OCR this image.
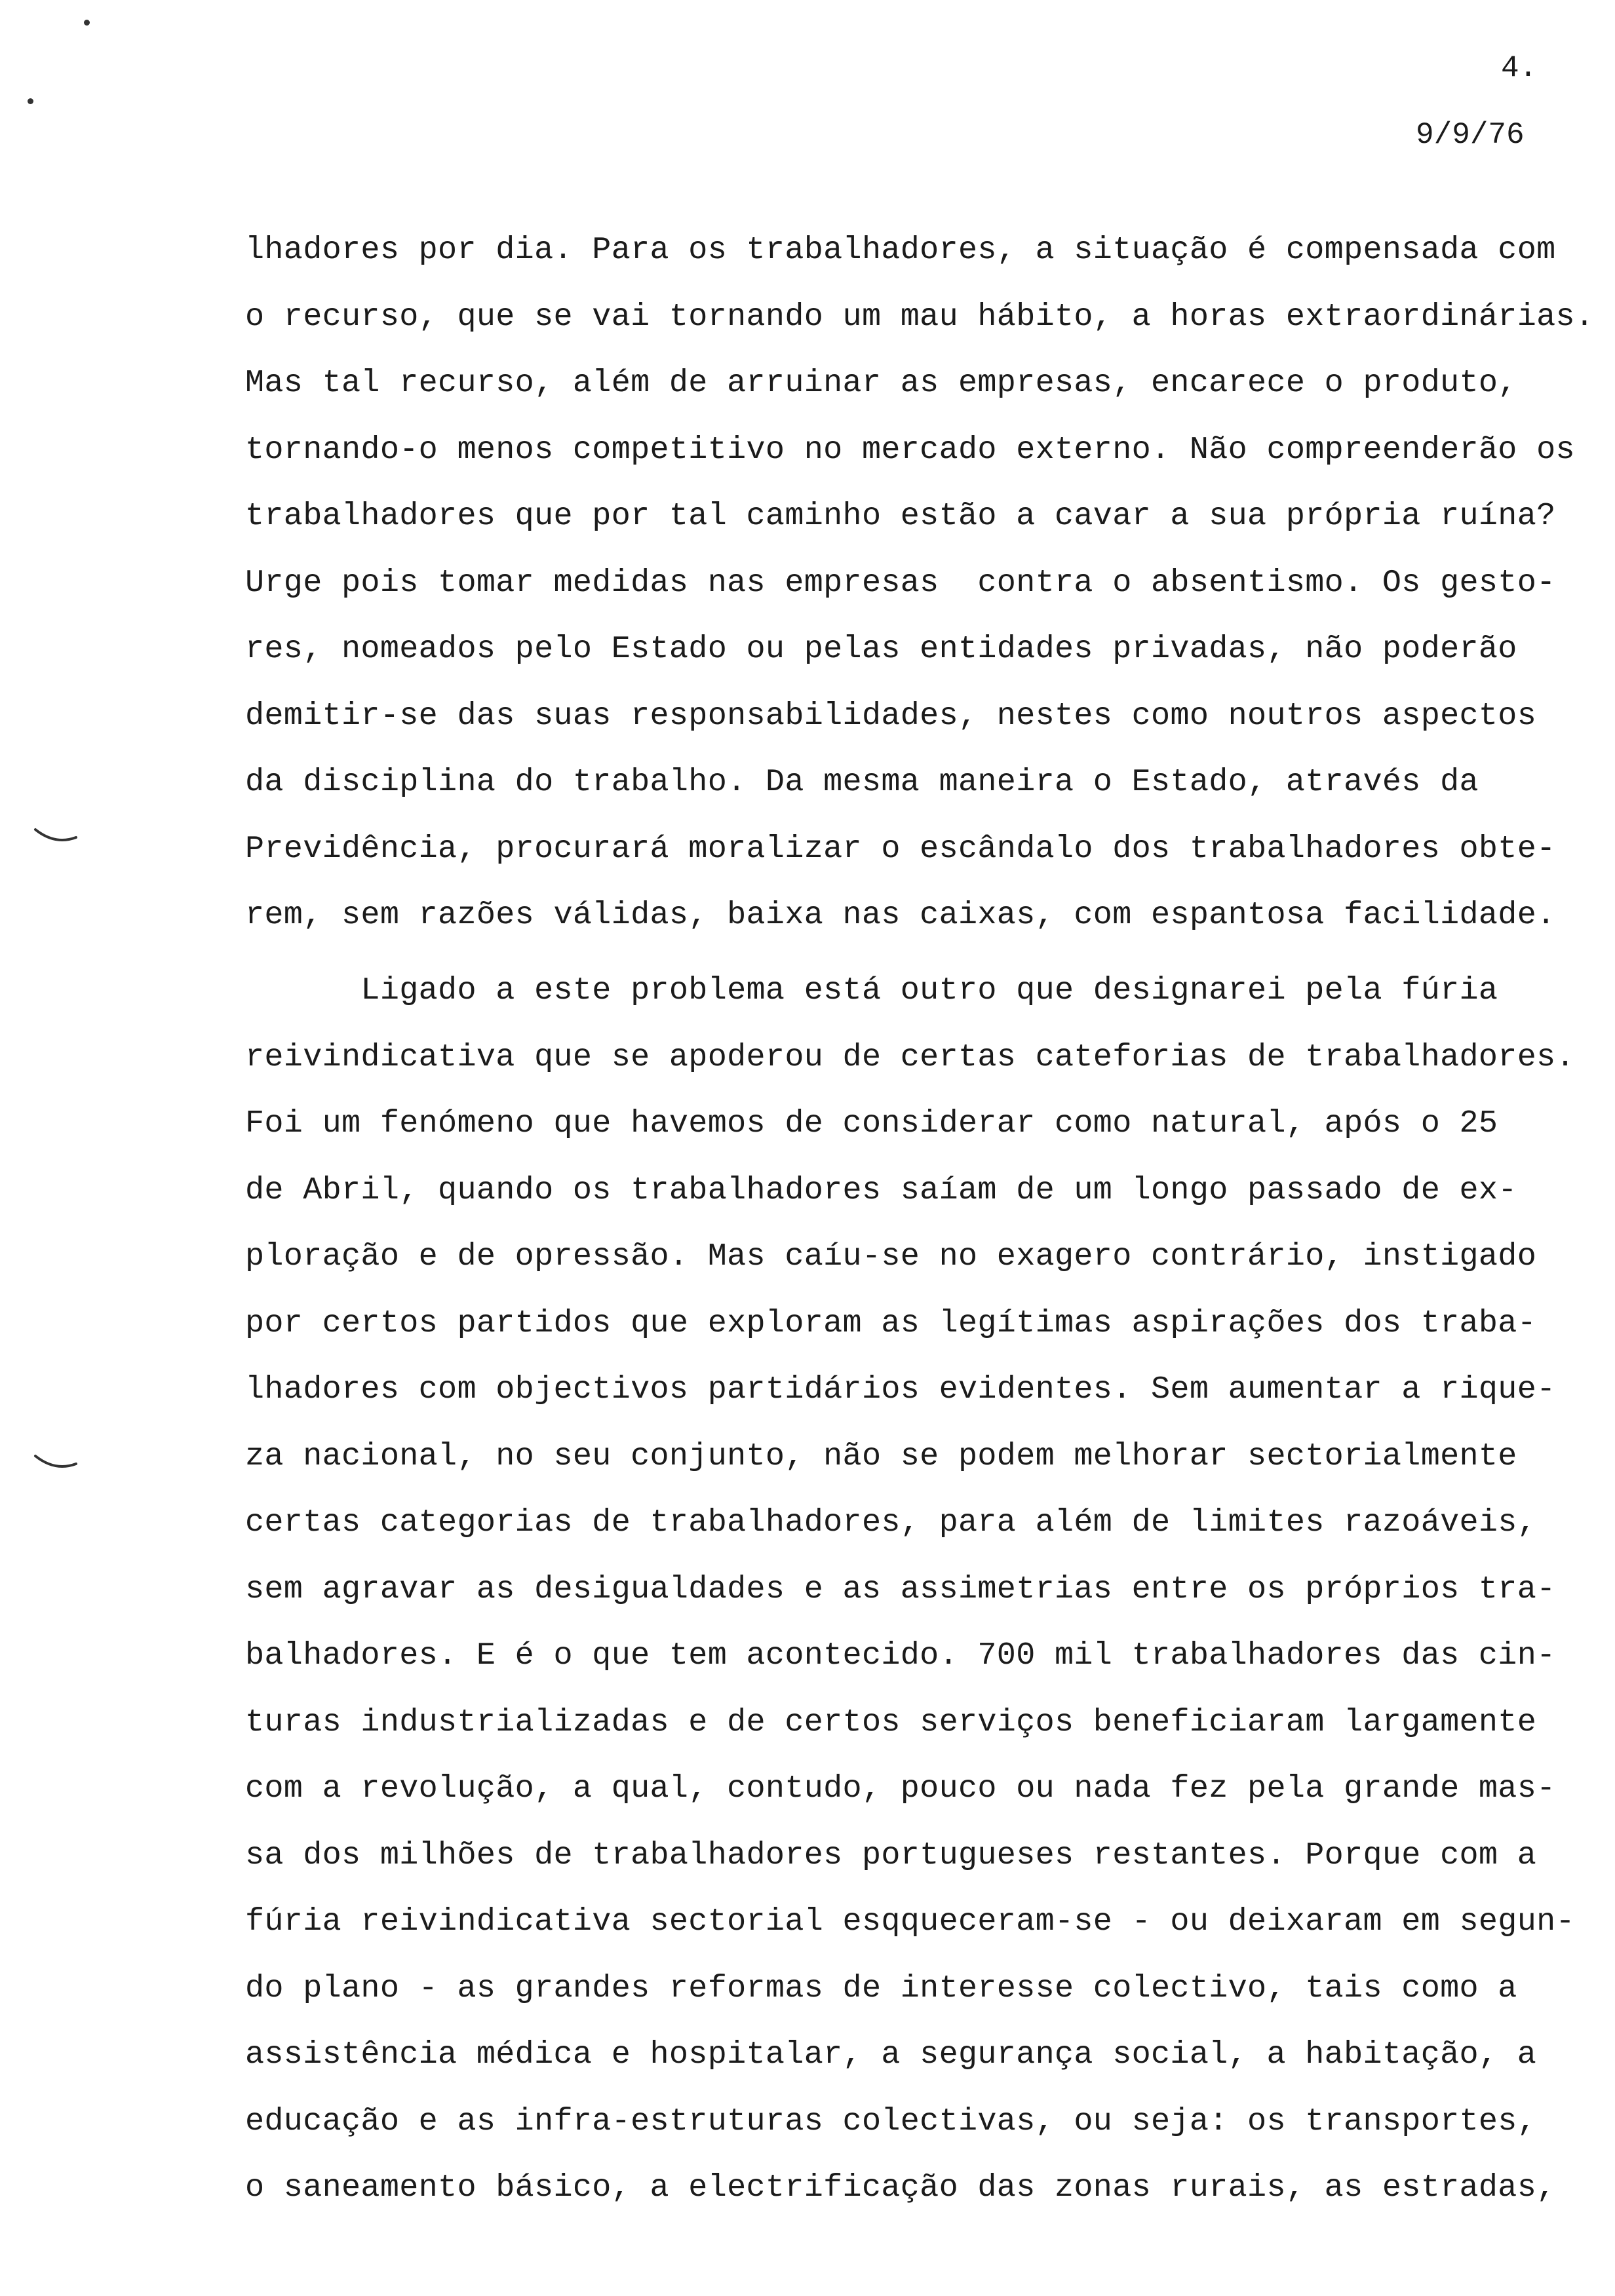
4.
9/9/76
lhadores por dia. Para os trabalhadores, a situação é compensada com
o recurso, que se vai tornando um mau hábito, a horas extraordinárias.
Mas tal recurso, além de arruinar as empresas, encarece o produto,
tornando-o menos competitivo no mercado externo. Não compreenderão os
trabalhadores que por tal caminho estão a cavar a sua própria ruína?
Urge pois tomar medidas nas empresas  contra o absentismo. Os gesto-
res, nomeados pelo Estado ou pelas entidades privadas, não poderão
demitir-se das suas responsabilidades, nestes como noutros aspectos
da disciplina do trabalho. Da mesma maneira o Estado, através da
Previdência, procurará moralizar o escândalo dos trabalhadores obte-
rem, sem razões válidas, baixa nas caixas, com espantosa facilidade.
Ligado a este problema está outro que designarei pela fúria
reivindicativa que se apoderou de certas cateforias de trabalhadores.
Foi um fenómeno que havemos de considerar como natural, após o 25
de Abril, quando os trabalhadores saíam de um longo passado de ex-
ploração e de opressão. Mas caíu-se no exagero contrário, instigado
por certos partidos que exploram as legítimas aspirações dos traba-
lhadores com objectivos partidários evidentes. Sem aumentar a rique-
za nacional, no seu conjunto, não se podem melhorar sectorialmente
certas categorias de trabalhadores, para além de limites razoáveis,
sem agravar as desigualdades e as assimetrias entre os próprios tra-
balhadores. E é o que tem acontecido. 700 mil trabalhadores das cin-
turas industrializadas e de certos serviços beneficiaram largamente
com a revolução, a qual, contudo, pouco ou nada fez pela grande mas-
sa dos milhões de trabalhadores portugueses restantes. Porque com a
fúria reivindicativa sectorial esqqueceram-se - ou deixaram em segun-
do plano - as grandes reformas de interesse colectivo, tais como a
assistência médica e hospitalar, a segurança social, a habitação, a
educação e as infra-estruturas colectivas, ou seja: os transportes,
o saneamento básico, a electrificação das zonas rurais, as estradas,
